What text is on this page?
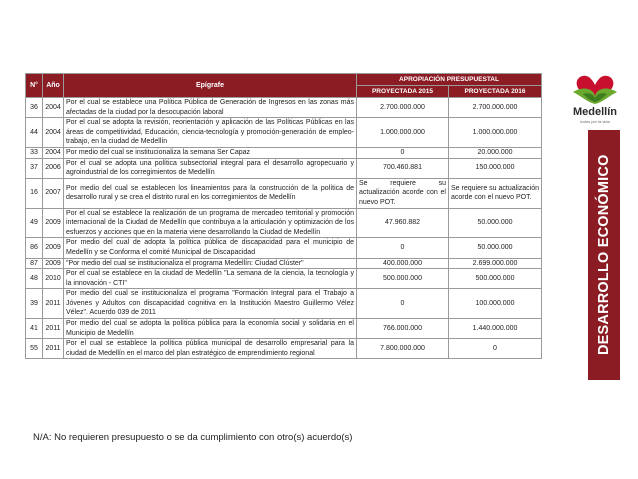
Medellín
todos por la vida
DESARROLLO ECONÓMICO
N°	Año	Epígrafe	APROPIACIÓN PRESUPUESTAL	
			PROYECTADA 2015	PROYECTADA 2016
36	2004	Por el cual se establece una Política Pública de Generación de Ingresos en las zonas más afectadas de la ciudad por la desocupación laboral	2.700.000.000	2.700.000.000
44	2004	Por el cual se adopta la revisión, reorientación y aplicación de las Políticas Públicas en las áreas de competitividad, Educación, ciencia-tecnología y promoción-generación de empleo-trabajo, en la ciudad de Medellín	1.000.000.000	1.000.000.000
33	2004	Por medio del cual se institucionaliza la semana Ser Capaz	0	20.000.000
37	2006	Por el cual se adopta una política subsectorial integral para el desarrollo agropecuario y agroindustrial de los corregimientos de Medellín	700.460.881	150.000.000
16	2007	Por medio del cual se establecen los lineamientos para la construcción de la política de desarrollo rural y se crea el distrito rural en los corregimientos de Medellín	Se requiere su actualización acorde con el nuevo POT.	Se requiere su actualización acorde con el nuevo POT.
49	2009	Por el cual se establece la realización de un programa de mercadeo territorial y promoción internacional de la Ciudad de Medellín que contribuya a la articulación y optimización de los esfuerzos y acciones que en la materia viene desarrollando la Ciudad de Medellín	47.960.882	50.000.000
86	2009	Por medio del cual de adopta la política pública de discapacidad para el municipio de Medellín y se Conforma el comité Municipal de Discapacidad	0	50.000.000
87	2009	"Por medio del cual se institucionaliza el programa Medellín: Ciudad Clúster"	400.000.000	2.699.000.000
48	2010	Por el cual se establece en la ciudad de Medellín "La semana de la ciencia, la tecnología y la innovación - CTI"	500.000.000	500.000.000
39	2011	Por medio del cual se institucionaliza el programa "Formación Integral para el Trabajo a Jóvenes y Adultos con discapacidad cognitiva en la Institución Maestro Guillermo Vélez Vélez". Acuerdo 039 de 2011	0	100.000.000
41	2011	Por medio del cual se adopta la política pública para la economía social y solidaria en el Municipio de Medellín	766.000.000	1.440.000.000
55	2011	Por el cual se establece la política pública municipal de desarrollo empresarial para la ciudad de Medellín en el marco del plan estratégico de emprendimiento regional	7.800.000.000	0
N/A: No requieren presupuesto o se da cumplimiento con otro(s) acuerdo(s)
